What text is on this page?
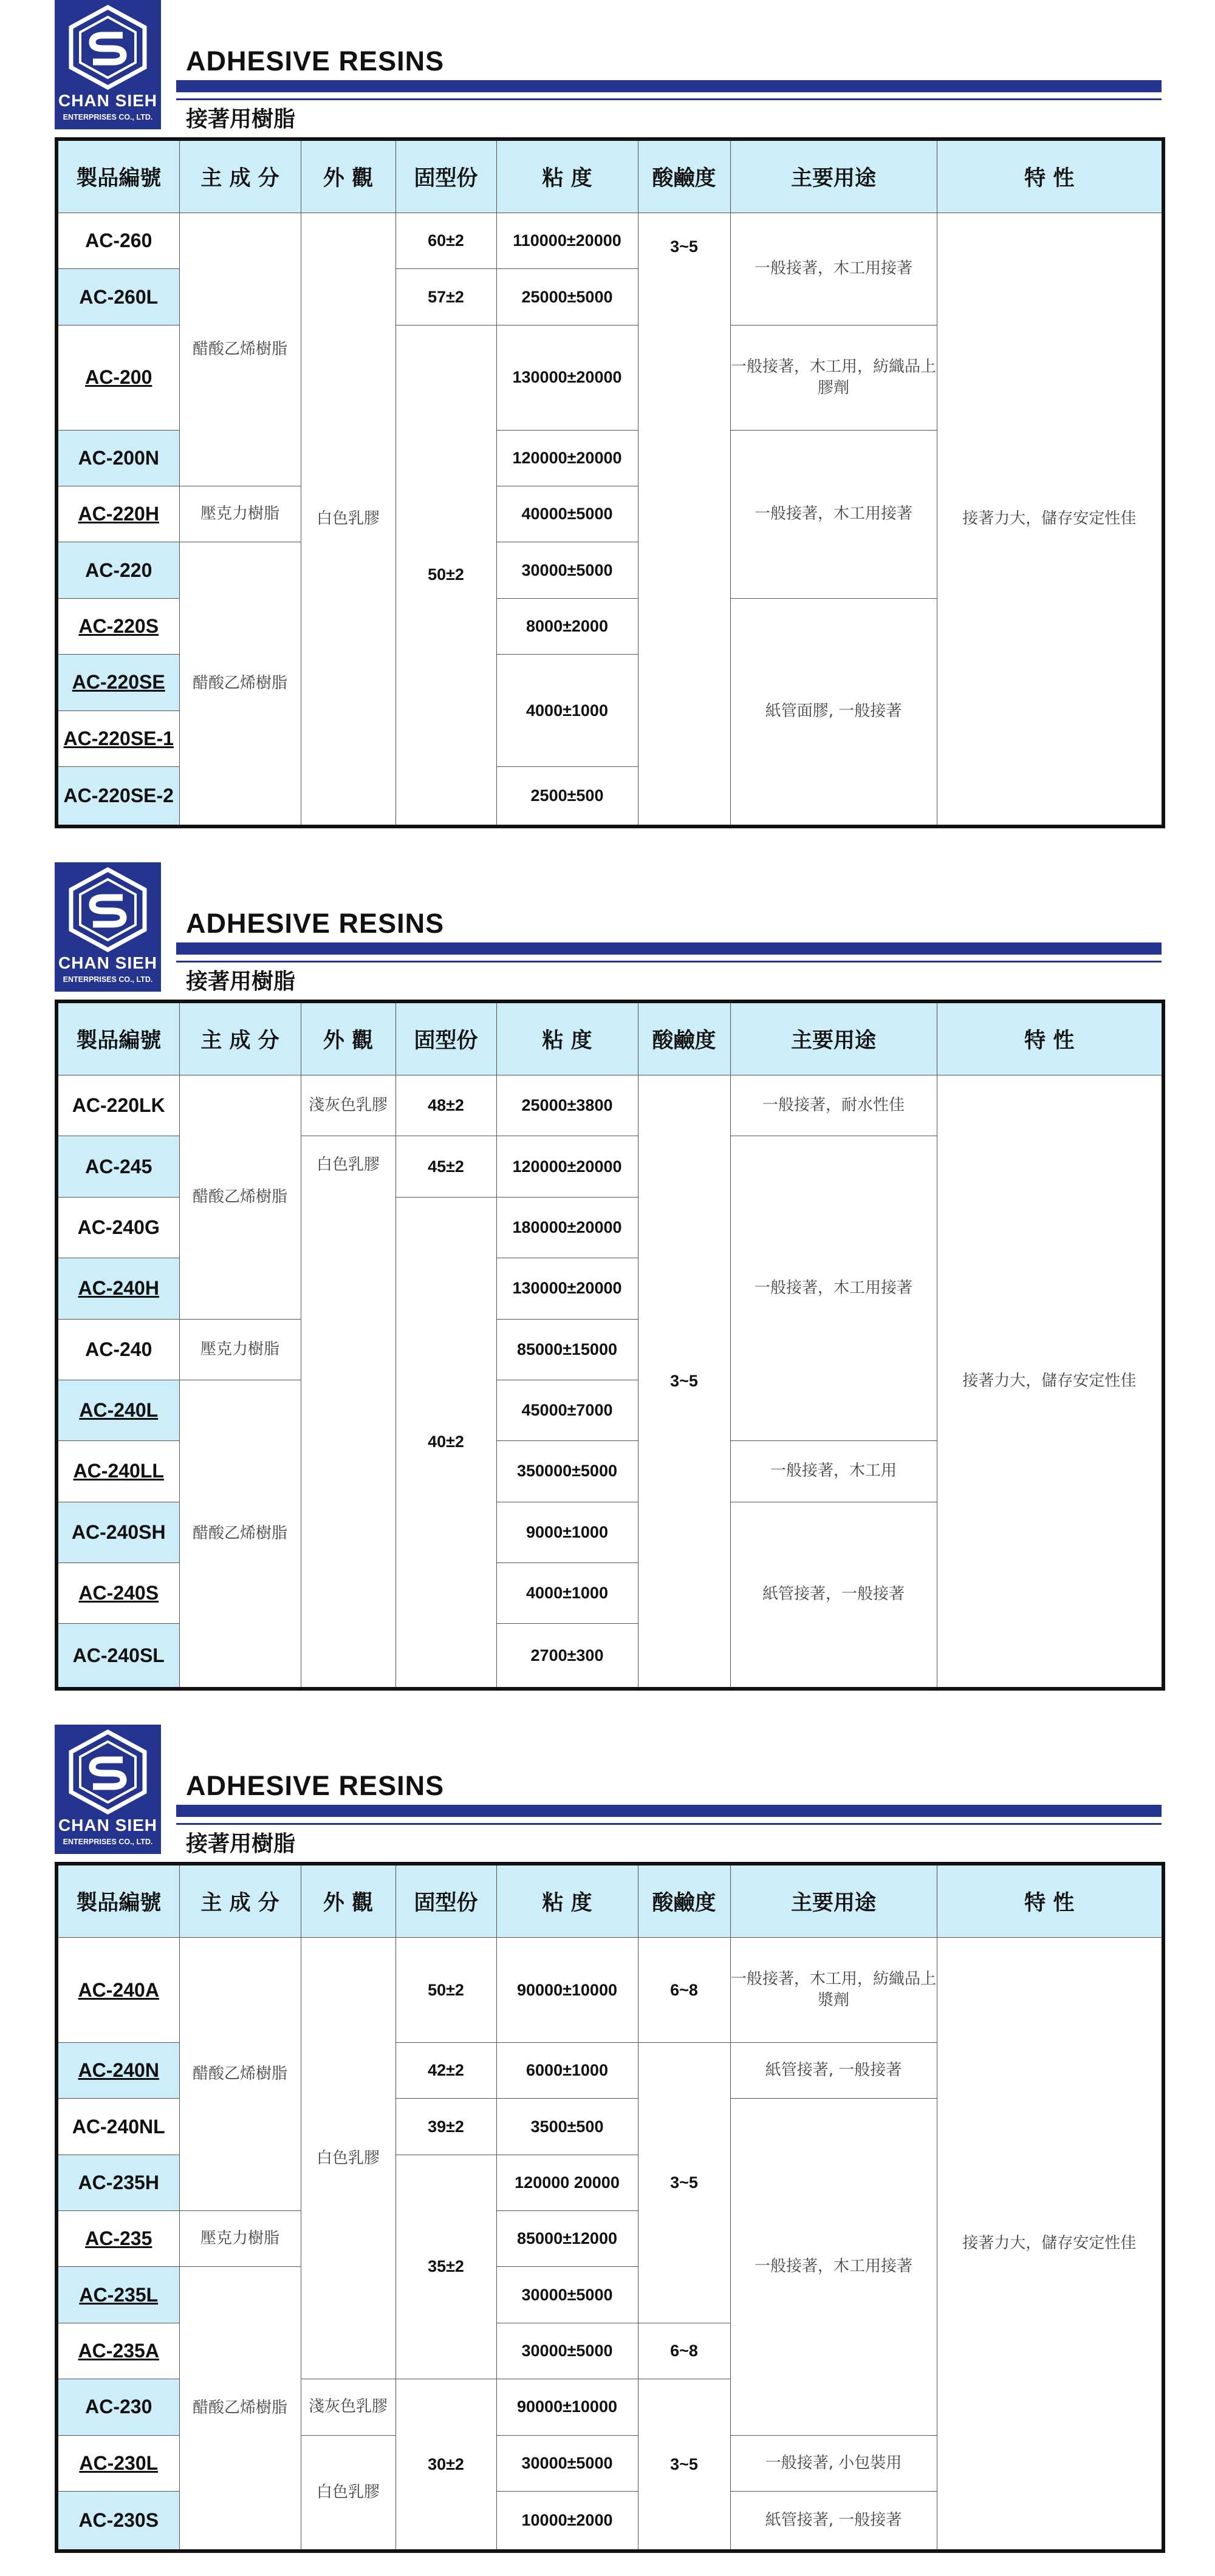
CHAN SIEH
ENTERPRISES CO., LTD.
ADHESIVE RESINS
接著用樹脂
製品編號	主 成 分	外 觀	固型份	粘 度	酸鹼度	主要用途	特 性
AC-260	醋酸乙烯樹脂	白色乳膠	60±2	110000±20000	3~5	一般接著，木工用接著	接著力大，儲存安定性佳
AC-260L			57±2	25000±5000			
AC-200			50±2	130000±20000		一般接著，木工用，紡織品上膠劑	
AC-200N				120000±20000		一般接著，木工用接著	
AC-220H	壓克力樹脂			40000±5000			
AC-220	醋酸乙烯樹脂			30000±5000			
AC-220S				8000±2000		紙管面膠, 一般接著	
AC-220SE				4000±1000			
AC-220SE-1							
AC-220SE-2				2500±500			
CHAN SIEH
ENTERPRISES CO., LTD.
ADHESIVE RESINS
接著用樹脂
製品編號	主 成 分	外 觀	固型份	粘 度	酸鹼度	主要用途	特 性
AC-220LK	醋酸乙烯樹脂	淺灰色乳膠	48±2	25000±3800	3~5	一般接著，耐水性佳	接著力大，儲存安定性佳
AC-245		白色乳膠	45±2	120000±20000		一般接著，木工用接著	
AC-240G			40±2	180000±20000			
AC-240H				130000±20000			
AC-240	壓克力樹脂			85000±15000			
AC-240L	醋酸乙烯樹脂			45000±7000			
AC-240LL				350000±5000		一般接著，木工用	
AC-240SH				9000±1000		紙管接著，一般接著	
AC-240S				4000±1000			
AC-240SL				2700±300			
CHAN SIEH
ENTERPRISES CO., LTD.
ADHESIVE RESINS
接著用樹脂
製品編號	主 成 分	外 觀	固型份	粘 度	酸鹼度	主要用途	特 性
AC-240A	醋酸乙烯樹脂	白色乳膠	50±2	90000±10000	6~8	一般接著，木工用，紡織品上漿劑	接著力大，儲存安定性佳
AC-240N			42±2	6000±1000	3~5	紙管接著, 一般接著	
AC-240NL			39±2	3500±500		一般接著，木工用接著	
AC-235H			35±2	120000 20000			
AC-235	壓克力樹脂			85000±12000			
AC-235L	醋酸乙烯樹脂			30000±5000			
AC-235A				30000±5000	6~8		
AC-230		淺灰色乳膠	30±2	90000±10000	3~5		
AC-230L		白色乳膠		30000±5000		一般接著, 小包裝用	
AC-230S				10000±2000		紙管接著, 一般接著	
